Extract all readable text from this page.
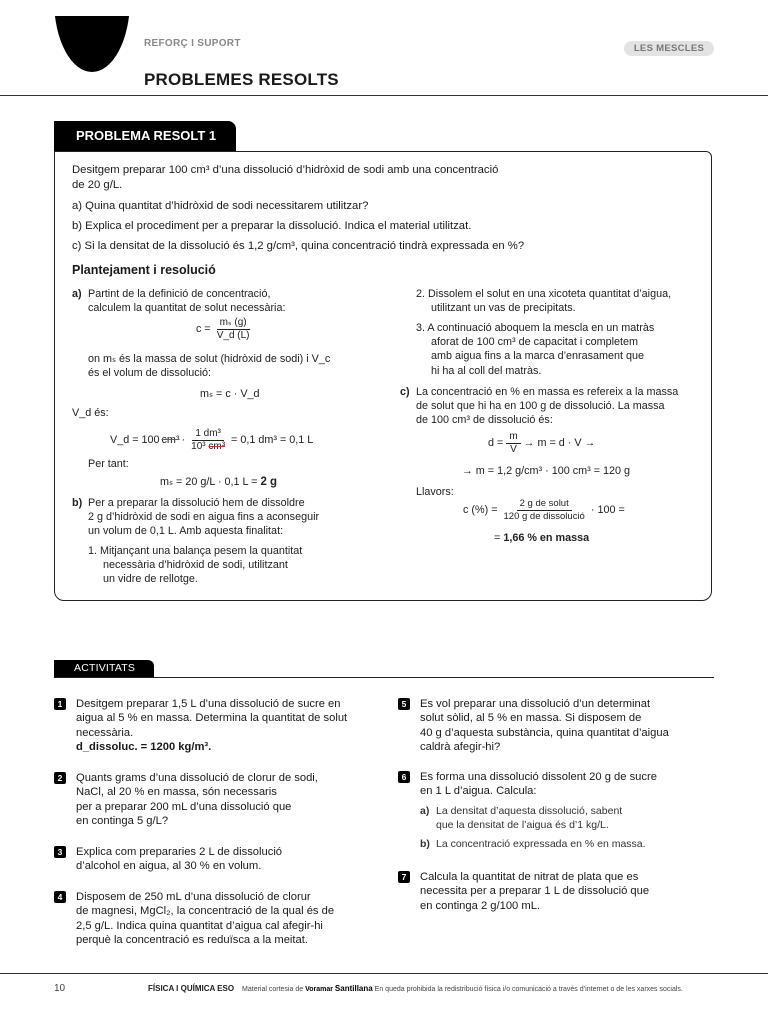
REFORÇ I SUPORT	LES MESCLES
PROBLEMES RESOLTS
PROBLEMA RESOLT 1
Desitgem preparar 100 cm³ d’una dissolució d’hidròxid de sodi amb una concentració
de 20 g/L.
a) Quina quantitat d’hidròxid de sodi necessitarem utilitzar?
b) Explica el procediment per a preparar la dissolució. Indica el material utilitzat.
c) Si la densitat de la dissolució és 1,2 g/cm³, quina concentració tindrà expressada en %?
Plantejament i resolució
a) Partint de la definició de concentració,
calculem la quantitat de solut necessària:
$c = \frac{\text{mₛ (g)}}{V\_d (L)}$
on mₛ és la massa de solut (hidròxid de sodi) i V_c
és el volum de dissolució:
mₛ = c · V_d
V_d és:
V_d = 100 $cm^3 \cdot \frac{\text{1 dm³}}{\text{10³ cm³}} = 0,1$ dm³ = 0,1 L
Per tant:
mₛ = 20 g/L · 0,1 L = 2 g
b) Per a preparar la dissolució hem de dissoldre
2 g d’hidròxid de sodi en aigua fins a aconseguir
un volum de 0,1 L. Amb aquesta finalitat:
1. Mitjançant una balança pesem la quantitat
necessària d’hidròxid de sodi, utilitzant
un vidre de rellotge.
2. Dissolem el solut en una xicoteta quantitat d’aigua,
utilitzant un vas de precipitats.
3. A continuació aboquem la mescla en un matràs
aforat de 100 cm³ de capacitat i completem
amb aigua fins a la marca d’enrasament que
hi ha al coll del matràs.
c) La concentració en % en massa es refereix a la massa
de solut que hi ha en 100 g de dissolució. La massa
de 100 cm³ de dissolució és:
$d = \frac{m}{V} \to m = d \cdot V$ →
→ m = 1,2 g/cm³ · 100 cm³ = 120 g
Llavors:
c (%) = $\frac{\text{2 g de solut}}{\text{120 g de dissolució}} \cdot 100$ =
= 1,66 % en massa
ACTIVITATS
1	Desitgem preparar 1,5 L d’una dissolució de sucre en
aigua al 5 % en massa. Determina la quantitat de solut
necessària.
d_dissoluc. = 1200 kg/m³.
2	Quants grams d’una dissolució de clorur de sodi,
NaCl, al 20 % en massa, són necessaris
per a preparar 200 mL d’una dissolució que
en continga 5 g/L?
3	Explica com prepararies 2 L de dissolució
d’alcohol en aigua, al 30 % en volum.
4	Disposem de 250 mL d’una dissolució de clorur
de magnesi, MgCl₂, la concentració de la qual és de
2,5 g/L. Indica quina quantitat d’aigua cal afegir-hi
perquè la concentració es reduïsca a la meitat.
5	Es vol preparar una dissolució d’un determinat
solut sòlid, al 5 % en massa. Si disposem de
40 g d’aquesta substància, quina quantitat d’aigua
caldrà afegir-hi?
6	Es forma una dissolució dissolent 20 g de sucre
en 1 L d’aigua. Calcula:
a) La densitat d’aquesta dissolució, sabent
que la densitat de l’aigua és d’1 kg/L.
b) La concentració expressada en % en massa.
7	Calcula la quantitat de nitrat de plata que es
necessita per a preparar 1 L de dissolució que
en continga 2 g/100 mL.
10	FÍSICA I QUÍMICA ESO Material cortesia de Voramar Santillana En queda prohibida la redistribució física i/o comunicació a través d’internet o de les xarxes socials.
